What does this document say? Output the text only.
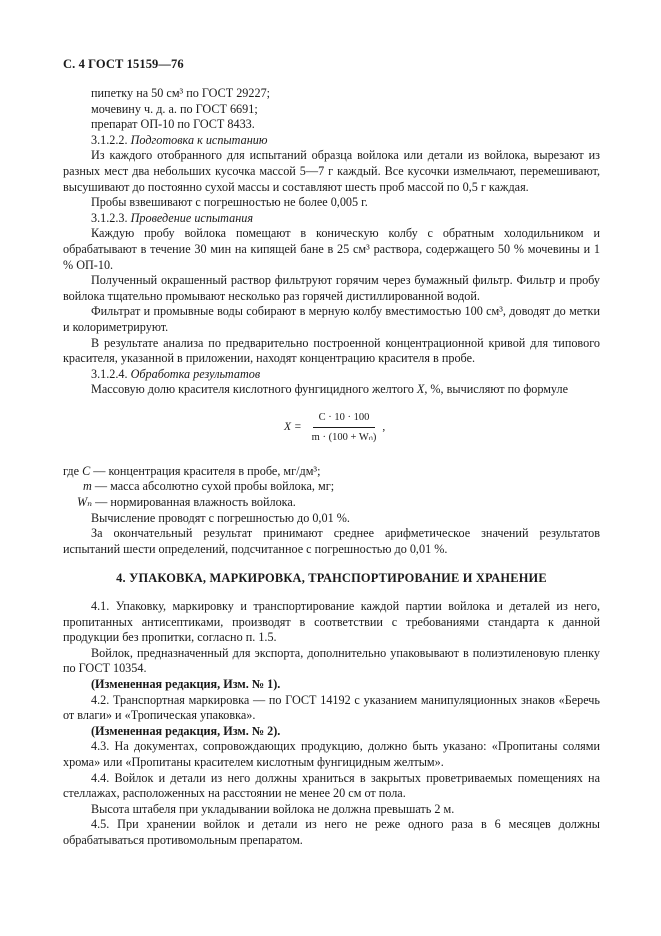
С. 4 ГОСТ 15159—76

пипетку на 50 см³ по ГОСТ 29227;

мочевину ч. д. а. по ГОСТ 6691;

препарат ОП-10 по ГОСТ 8433.

3.1.2.2. Подготовка к испытанию

Из каждого отобранного для испытаний образца войлока или детали из войлока, вырезают из разных мест два небольших кусочка массой 5—7 г каждый. Все кусочки измельчают, перемешивают, высушивают до постоянно сухой массы и составляют шесть проб массой по 0,5 г каждая.

Пробы взвешивают с погрешностью не более 0,005 г.

3.1.2.3. Проведение испытания

Каждую пробу войлока помещают в коническую колбу с обратным холодильником и обрабатывают в течение 30 мин на кипящей бане в 25 см³ раствора, содержащего 50 % мочевины и 1 % ОП-10.

Полученный окрашенный раствор фильтруют горячим через бумажный фильтр. Фильтр и пробу войлока тщательно промывают несколько раз горячей дистиллированной водой.

Фильтрат и промывные воды собирают в мерную колбу вместимостью 100 см³, доводят до метки и колориметрируют.

В результате анализа по предварительно построенной концентрационной кривой для типового красителя, указанной в приложении, находят концентрацию красителя в пробе.

3.1.2.4. Обработка результатов

Массовую долю красителя кислотного фунгицидного желтого X, %, вычисляют по формуле

$X = \frac{C \cdot 10 \cdot 100}{\text{m · (100 + Wₙ)}}$ ,

где C — концентрация красителя в пробе, мг/дм³;

m — масса абсолютно сухой пробы войлока, мг;

Wₙ — нормированная влажность войлока.

Вычисление проводят с погрешностью до 0,01 %.

За окончательный результат принимают среднее арифметическое значений результатов испытаний шести определений, подсчитанное с погрешностью до 0,01 %.

4. УПАКОВКА, МАРКИРОВКА, ТРАНСПОРТИРОВАНИЕ И ХРАНЕНИЕ

4.1. Упаковку, маркировку и транспортирование каждой партии войлока и деталей из него, пропитанных антисептиками, производят в соответствии с требованиями стандарта к данной продукции без пропитки, согласно п. 1.5.

Войлок, предназначенный для экспорта, дополнительно упаковывают в полиэтиленовую пленку по ГОСТ 10354.

(Измененная редакция, Изм. № 1).

4.2. Транспортная маркировка — по ГОСТ 14192 с указанием манипуляционных знаков «Беречь от влаги» и «Тропическая упаковка».

(Измененная редакция, Изм. № 2).

4.3. На документах, сопровождающих продукцию, должно быть указано: «Пропитаны солями хрома» или «Пропитаны красителем кислотным фунгицидным желтым».

4.4. Войлок и детали из него должны храниться в закрытых проветриваемых помещениях на стеллажах, расположенных на расстоянии не менее 20 см от пола.

Высота штабеля при укладывании войлока не должна превышать 2 м.

4.5. При хранении войлок и детали из него не реже одного раза в 6 месяцев должны обрабатываться противомольным препаратом.
